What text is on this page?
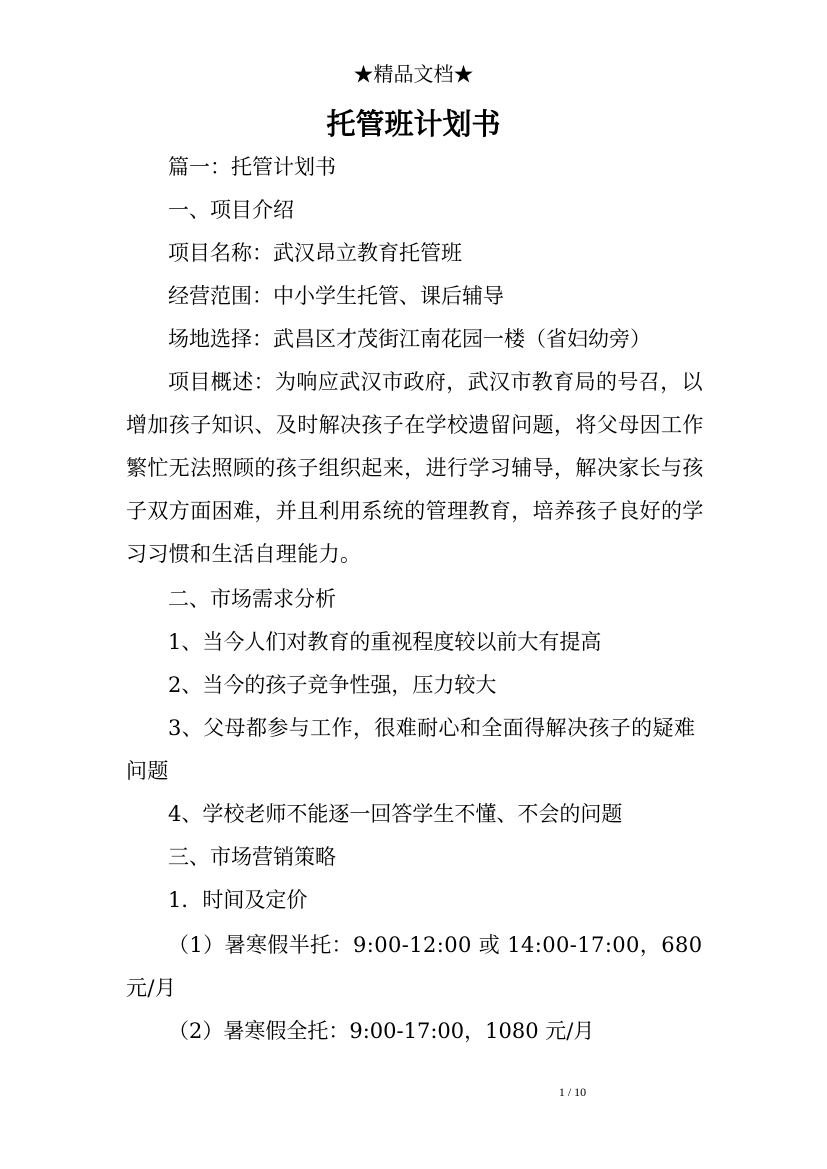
★精品文档★
托管班计划书

篇一：托管计划书

一、项目介绍

项目名称：武汉昂立教育托管班

经营范围：中小学生托管、课后辅导

场地选择：武昌区才茂街江南花园一楼（省妇幼旁）

项目概述：为响应武汉市政府，武汉市教育局的号召，以增加孩子知识、及时解决孩子在学校遗留问题，将父母因工作繁忙无法照顾的孩子组织起来，进行学习辅导，解决家长与孩子双方面困难，并且利用系统的管理教育，培养孩子良好的学习习惯和生活自理能力。

二、市场需求分析

1、当今人们对教育的重视程度较以前大有提高

2、当今的孩子竞争性强，压力较大

3、父母都参与工作，很难耐心和全面得解决孩子的疑难问题

4、学校老师不能逐一回答学生不懂、不会的问题

三、市场营销策略

1．时间及定价

（1）暑寒假半托：9:00-12:00 或 14:00-17:00，680元/月

（2）暑寒假全托：9:00-17:00，1080 元/月

1 / 10
